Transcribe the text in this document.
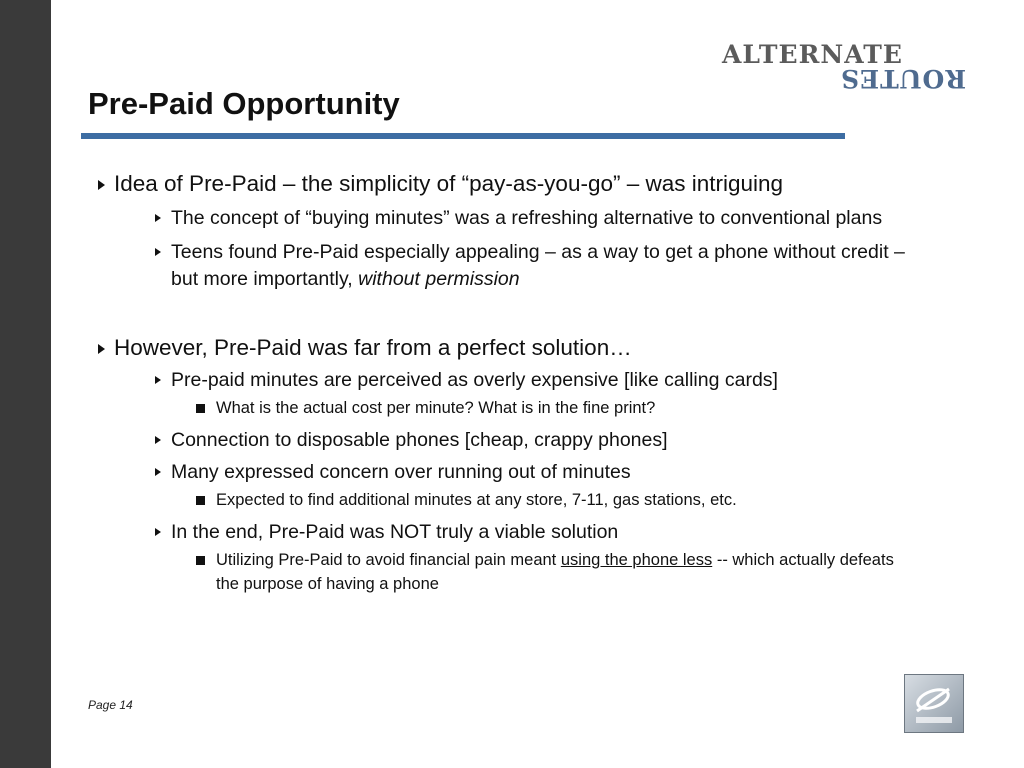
ALTERNATE
ROUTES
Pre-Paid Opportunity
Idea of Pre-Paid – the simplicity of “pay-as-you-go” – was intriguing
The concept of “buying minutes” was a refreshing alternative to conventional plans
Teens found Pre-Paid especially appealing – as a way to get a phone without credit – but more importantly, without permission
However, Pre-Paid was far from a perfect solution…
Pre-paid minutes are perceived as overly expensive [like calling cards]
What is the actual cost per minute? What is in the fine print?
Connection to disposable phones [cheap, crappy phones]
Many expressed concern over running out of minutes
Expected to find additional minutes at any store, 7-11, gas stations, etc.
In the end, Pre-Paid was NOT truly a viable solution
Utilizing Pre-Paid to avoid financial pain meant using the phone less -- which actually defeats the purpose of having a phone
Page 14
